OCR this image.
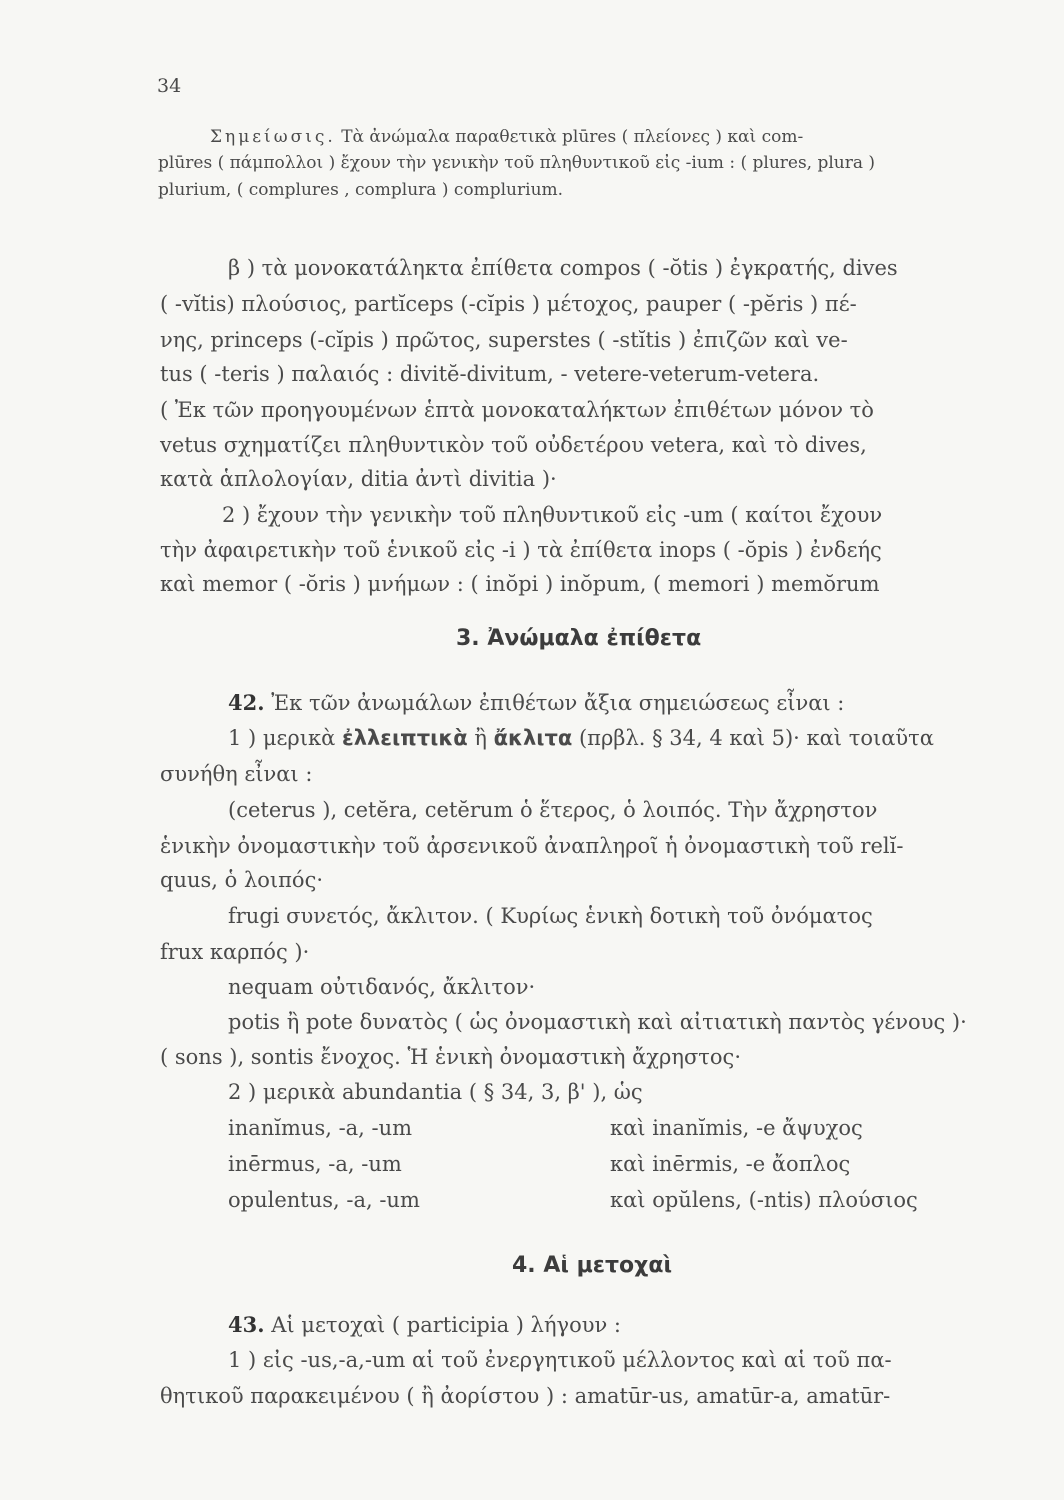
34
Σημείωσις. Τὰ ἀνώμαλα παραθετικὰ plūres ( πλείονες ) καὶ com-
plūres ( πάμπολλοι ) ἔχουν τὴν γενικὴν τοῦ πληθυντικοῦ εἰς -ium : ( plures, plura )
plurium, ( complures , complura ) complurium.
β ) τὰ μονοκατάληκτα ἐπίθετα compos ( -ŏtis ) ἐγκρατής, dives
( -vĭtis) πλούσιος, partĭceps (-cĭpis ) μέτοχος, pauper ( -pĕris ) πέ-
νης, princeps (-cĭpis ) πρῶτος, superstes ( -stĭtis ) ἐπιζῶν καὶ ve-
tus ( -teris ) παλαιός : divitĕ-divitum, - vetere-veterum-vetera.
( Ἐκ τῶν προηγουμένων ἑπτὰ μονοκαταλήκτων ἐπιθέτων μόνον τὸ
vetus σχηματίζει πληθυντικὸν τοῦ οὐδετέρου vetera, καὶ τὸ dives,
κατὰ ἁπλολογίαν, ditia ἀντὶ divitia )·
2 ) ἔχουν τὴν γενικὴν τοῦ πληθυντικοῦ εἰς -um ( καίτοι ἔχουν
τὴν ἀφαιρετικὴν τοῦ ἑνικοῦ εἰς -i ) τὰ ἐπίθετα inops ( -ŏpis ) ἐνδεής
καὶ memor ( -ŏris ) μνήμων : ( inŏpi ) inŏpum, ( memori ) memŏrum
3. Ἀνώμαλα ἐπίθετα
42. Ἐκ τῶν ἀνωμάλων ἐπιθέτων ἄξια σημειώσεως εἶναι :
1 ) μερικὰ ἐλλειπτικὰ ἢ ἄκλιτα (πρβλ. § 34, 4 καὶ 5)· καὶ τοιαῦτα
συνήθη εἶναι :
(ceterus ), cetĕra, cetĕrum ὁ ἕτερος, ὁ λοιπός. Τὴν ἄχρηστον
ἑνικὴν ὀνομαστικὴν τοῦ ἀρσενικοῦ ἀναπληροῖ ἡ ὀνομαστικὴ τοῦ relĭ-
quus, ὁ λοιπός·
frugi συνετός, ἄκλιτον. ( Κυρίως ἑνικὴ δοτικὴ τοῦ ὀνόματος
frux καρπός )·
nequam οὐτιδανός, ἄκλιτον·
potis ἢ pote δυνατὸς ( ὡς ὀνομαστικὴ καὶ αἰτιατικὴ παντὸς γένους )·
( sons ), sontis ἔνοχος. Ἡ ἑνικὴ ὀνομαστικὴ ἄχρηστος·
2 ) μερικὰ abundantia ( § 34, 3, β' ), ὡς
inanĭmus, -a, -um	καὶ inanĭmis, -e ἄψυχος
inērmus, -a, -um	καὶ inērmis, -e ἄοπλος
opulentus, -a, -um	καὶ opŭlens, (-ntis) πλούσιος
4. Αἱ μετοχαὶ
43. Αἱ μετοχαὶ ( participia ) λήγουν :
1 ) εἰς -us,-a,-um αἱ τοῦ ἐνεργητικοῦ μέλλοντος καὶ αἱ τοῦ πα-
θητικοῦ παρακειμένου ( ἢ ἀορίστου ) : amatūr-us, amatūr-a, amatūr-
